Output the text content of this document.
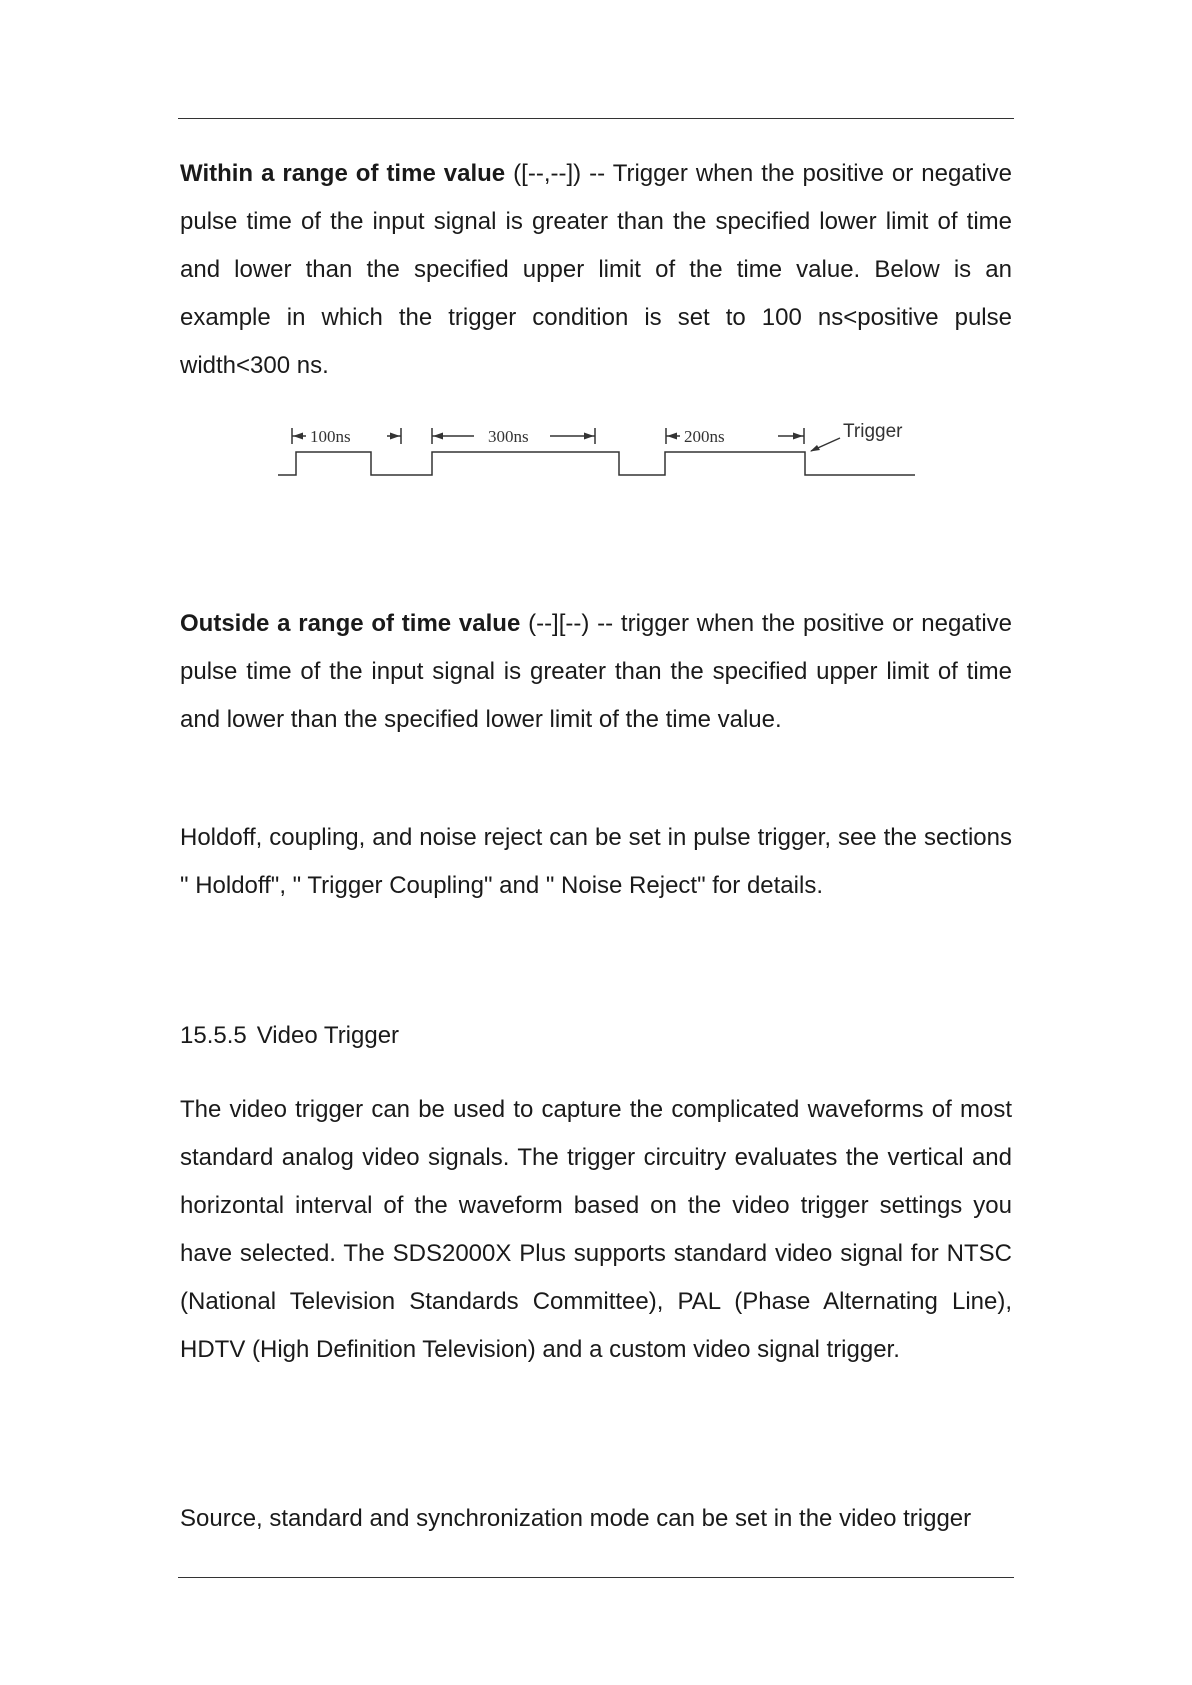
Within a range of time value ([--,--]) -- Trigger when the positive or negative pulse time of the input signal is greater than the specified lower limit of time and lower than the specified upper limit of the time value. Below is an example in which the trigger condition is set to 100 ns<positive pulse width<300 ns.

100ns	300ns	200ns	Trigger

Outside a range of time value (--][--) -- trigger when the positive or negative pulse time of the input signal is greater than the specified upper limit of time and lower than the specified lower limit of the time value.

Holdoff, coupling, and noise reject can be set in pulse trigger, see the sections " Holdoff", " Trigger Coupling" and " Noise Reject" for details.

15.5.5 Video Trigger

The video trigger can be used to capture the complicated waveforms of most standard analog video signals. The trigger circuitry evaluates the vertical and horizontal interval of the waveform based on the video trigger settings you have selected. The SDS2000X Plus supports standard video signal for NTSC (National Television Standards Committee), PAL (Phase Alternating Line), HDTV (High Definition Television) and a custom video signal trigger.

Source, standard and synchronization mode can be set in the video trigger
